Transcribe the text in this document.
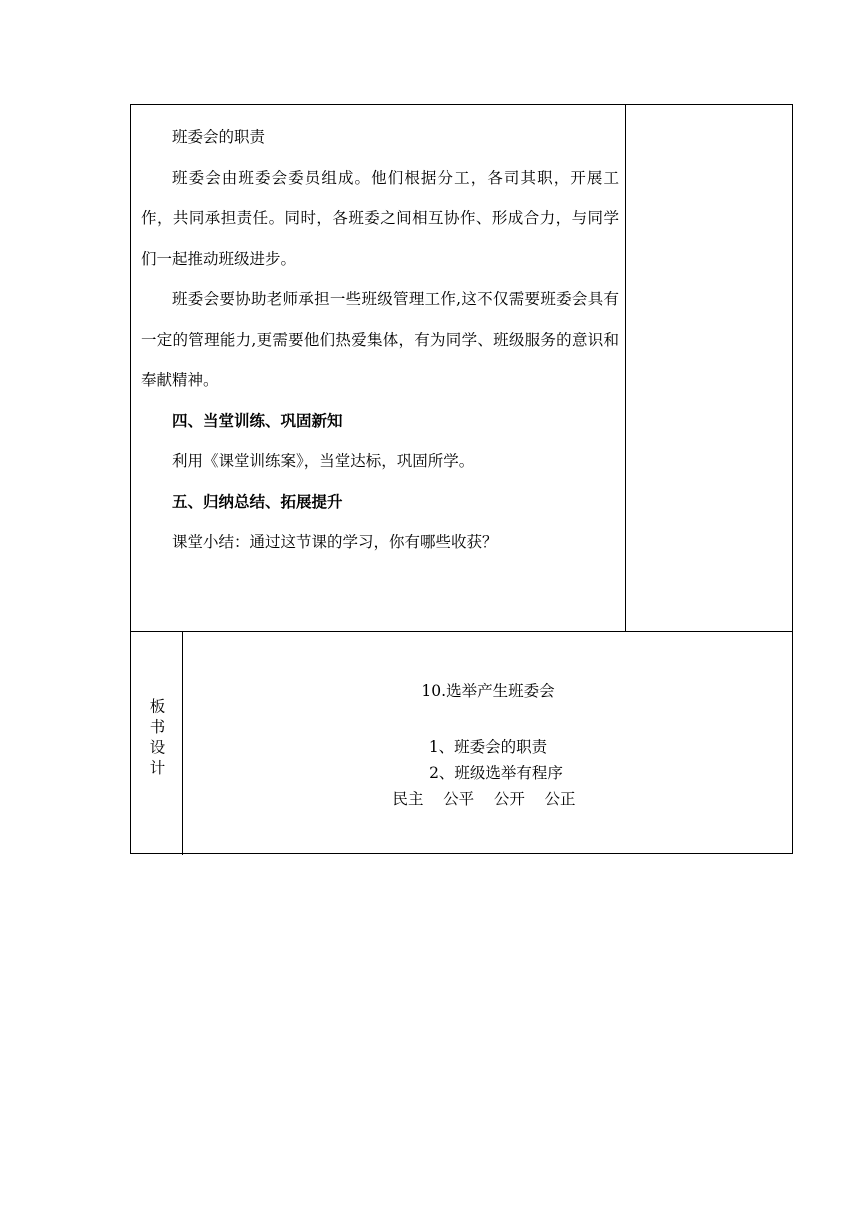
班委会的职责

班委会由班委会委员组成。他们根据分工，各司其职，开展工作，共同承担责任。同时，各班委之间相互协作、形成合力，与同学们一起推动班级进步。

班委会要协助老师承担一些班级管理工作,这不仅需要班委会具有一定的管理能力,更需要他们热爱集体，有为同学、班级服务的意识和奉献精神。

四、当堂训练、巩固新知

利用《课堂训练案》，当堂达标，巩固所学。

五、归纳总结、拓展提升

课堂小结：通过这节课的学习，你有哪些收获？

板书设计
10.选举产生班委会
1、班委会的职责
2、班级选举有程序
民主    公平    公开    公正
